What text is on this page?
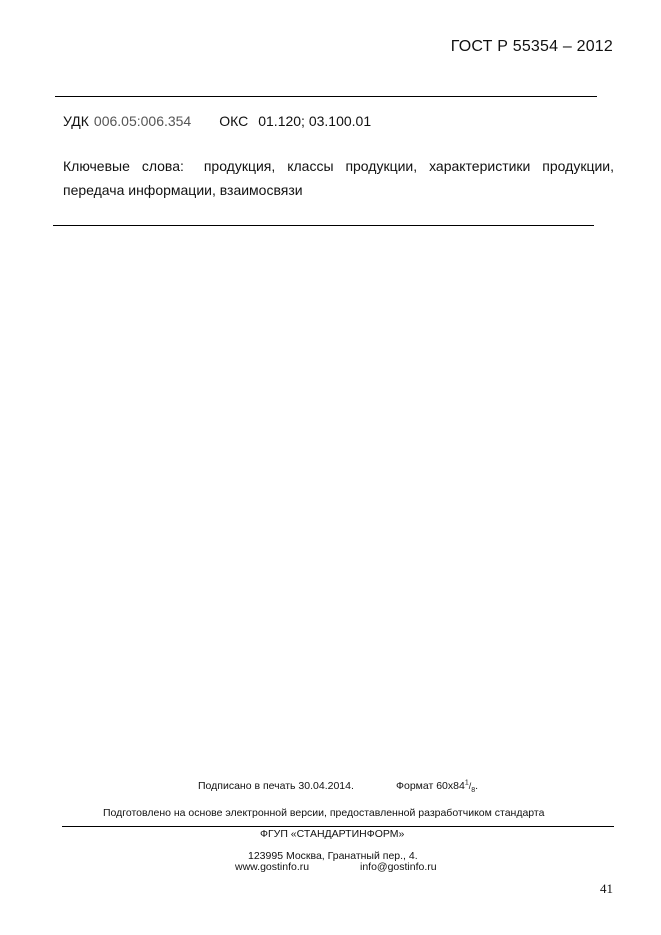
ГОСТ Р 55354 – 2012
УДК 006.05:006.354 ОКС 01.120; 03.100.01
Ключевые слова: продукция, классы продукции, характеристики продукции, передача информации, взаимосвязи
Подписано в печать 30.04.2014.	Формат $60x84^1/_8$.
Подготовлено на основе электронной версии, предоставленной разработчиком стандарта
ФГУП «СТАНДАРТИНФОРМ»
123995 Москва, Гранатный пер., 4.
www.gostinfo.ru	info@gostinfo.ru
41
